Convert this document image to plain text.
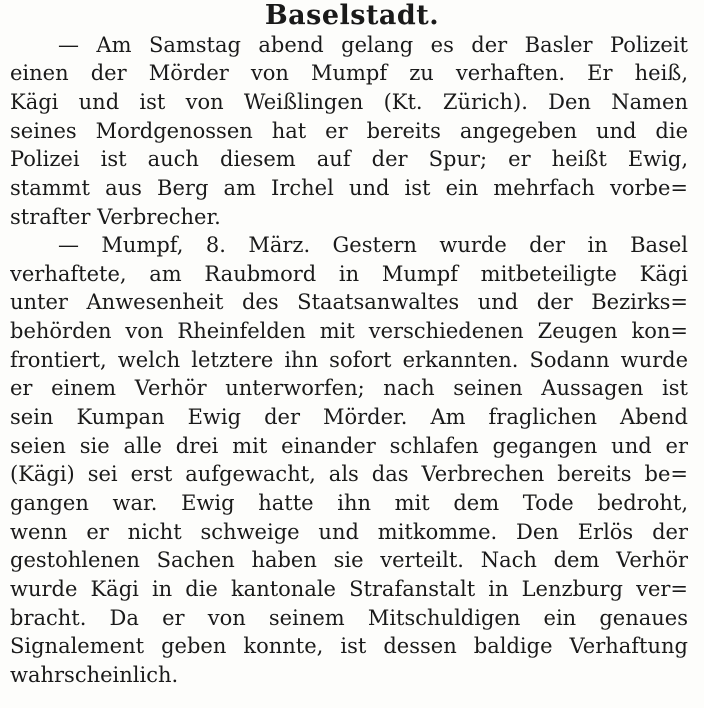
Baselstadt.
— Am Samstag abend gelang es der Basler Polizeit
einen der Mörder von Mumpf zu verhaften. Er heiß,
Kägi und ist von Weißlingen (Kt. Zürich). Den Namen
seines Mordgenossen hat er bereits angegeben und die
Polizei ist auch diesem auf der Spur; er heißt Ewig,
stammt aus Berg am Irchel und ist ein mehrfach vorbe=
strafter Verbrecher.
— Mumpf, 8. März. Gestern wurde der in Basel
verhaftete, am Raubmord in Mumpf mitbeteiligte Kägi
unter Anwesenheit des Staatsanwaltes und der Bezirks=
behörden von Rheinfelden mit verschiedenen Zeugen kon=
frontiert, welch letztere ihn sofort erkannten. Sodann wurde
er einem Verhör unterworfen; nach seinen Aussagen ist
sein Kumpan Ewig der Mörder. Am fraglichen Abend
seien sie alle drei mit einander schlafen gegangen und er
(Kägi) sei erst aufgewacht, als das Verbrechen bereits be=
gangen war. Ewig hatte ihn mit dem Tode bedroht,
wenn er nicht schweige und mitkomme. Den Erlös der
gestohlenen Sachen haben sie verteilt. Nach dem Verhör
wurde Kägi in die kantonale Strafanstalt in Lenzburg ver=
bracht. Da er von seinem Mitschuldigen ein genaues
Signalement geben konnte, ist dessen baldige Verhaftung
wahrscheinlich.
